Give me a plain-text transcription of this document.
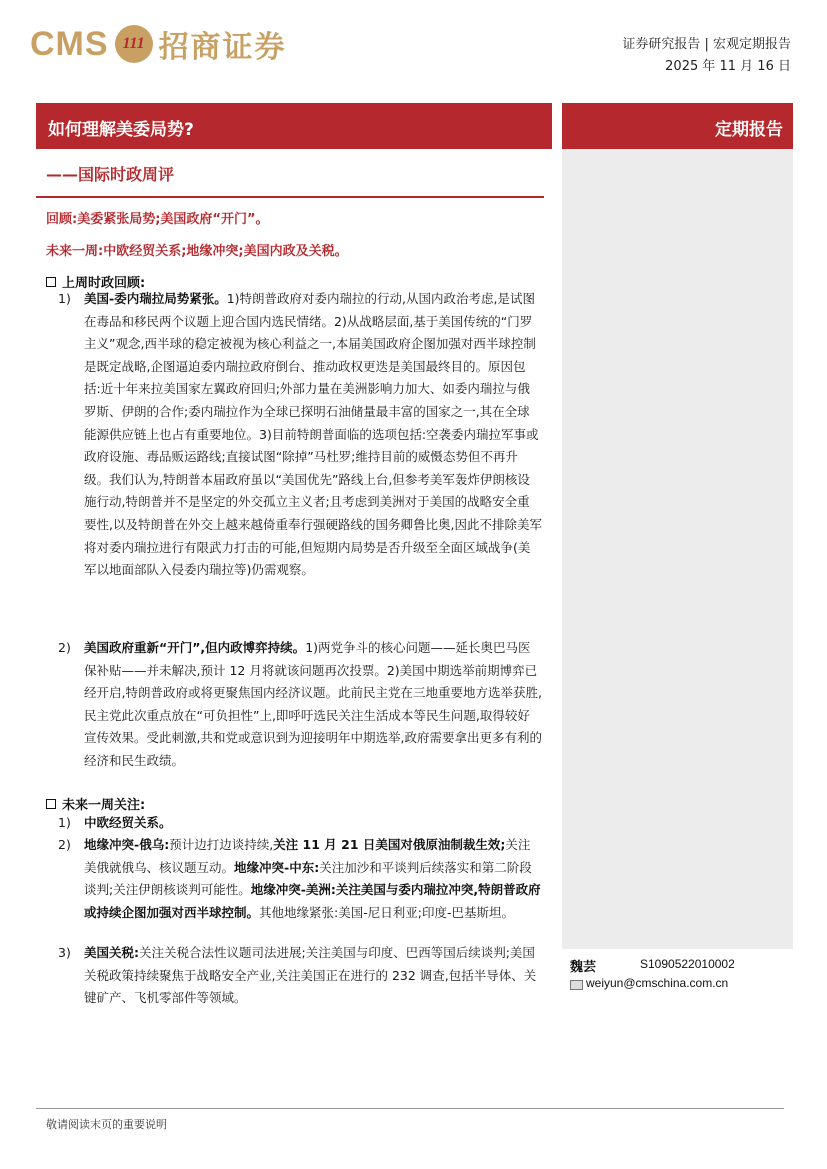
CMS 111 招商证券	证券研究报告 | 宏观定期报告
2025 年 11 月 16 日
如何理解美委局势?	定期报告
——国际时政周评
回顾:美委紧张局势;美国政府“开门”。
未来一周:中欧经贸关系;地缘冲突;美国内政及关税。
上周时政回顾:
1) 美国-委内瑞拉局势紧张。1)特朗普政府对委内瑞拉的行动,从国内政治考虑,是试图在毒品和移民两个议题上迎合国内选民情绪。2)从战略层面,基于美国传统的“门罗主义”观念,西半球的稳定被视为核心利益之一,本届美国政府企图加强对西半球控制是既定战略,企图逼迫委内瑞拉政府倒台、推动政权更迭是美国最终目的。原因包括:近十年来拉美国家左翼政府回归;外部力量在美洲影响力加大、如委内瑞拉与俄罗斯、伊朗的合作;委内瑞拉作为全球已探明石油储量最丰富的国家之一,其在全球能源供应链上也占有重要地位。3)目前特朗普面临的选项包括:空袭委内瑞拉军事或政府设施、毒品贩运路线;直接试图“除掉”马杜罗;维持目前的威慑态势但不再升级。我们认为,特朗普本届政府虽以“美国优先”路线上台,但参考美军轰炸伊朗核设施行动,特朗普并不是坚定的外交孤立主义者;且考虑到美洲对于美国的战略安全重要性,以及特朗普在外交上越来越倚重奉行强硬路线的国务卿鲁比奥,因此不排除美军将对委内瑞拉进行有限武力打击的可能,但短期内局势是否升级至全面区域战争(美军以地面部队入侵委内瑞拉等)仍需观察。
2) 美国政府重新“开门”,但内政博弈持续。1)两党争斗的核心问题——延长奥巴马医保补贴——并未解决,预计 12 月将就该问题再次投票。2)美国中期选举前期博弈已经开启,特朗普政府或将更聚焦国内经济议题。此前民主党在三地重要地方选举获胜,民主党此次重点放在“可负担性”上,即呼吁选民关注生活成本等民生问题,取得较好宣传效果。受此刺激,共和党或意识到为迎接明年中期选举,政府需要拿出更多有利的经济和民生政绩。
未来一周关注:
1) 中欧经贸关系。
2) 地缘冲突-俄乌:预计边打边谈持续,关注 11 月 21 日美国对俄原油制裁生效;关注美俄就俄乌、核议题互动。地缘冲突-中东:关注加沙和平谈判后续落实和第二阶段谈判;关注伊朗核谈判可能性。地缘冲突-美洲:关注美国与委内瑞拉冲突,特朗普政府或持续企图加强对西半球控制。其他地缘紧张:美国-尼日利亚;印度-巴基斯坦。
3) 美国关税:关注关税合法性议题司法进展;关注美国与印度、巴西等国后续谈判;美国关税政策持续聚焦于战略安全产业,关注美国正在进行的 232 调查,包括半导体、关键矿产、飞机零部件等领域。
魏芸	S1090522010002
weiyun@cmschina.com.cn
敬请阅读末页的重要说明
